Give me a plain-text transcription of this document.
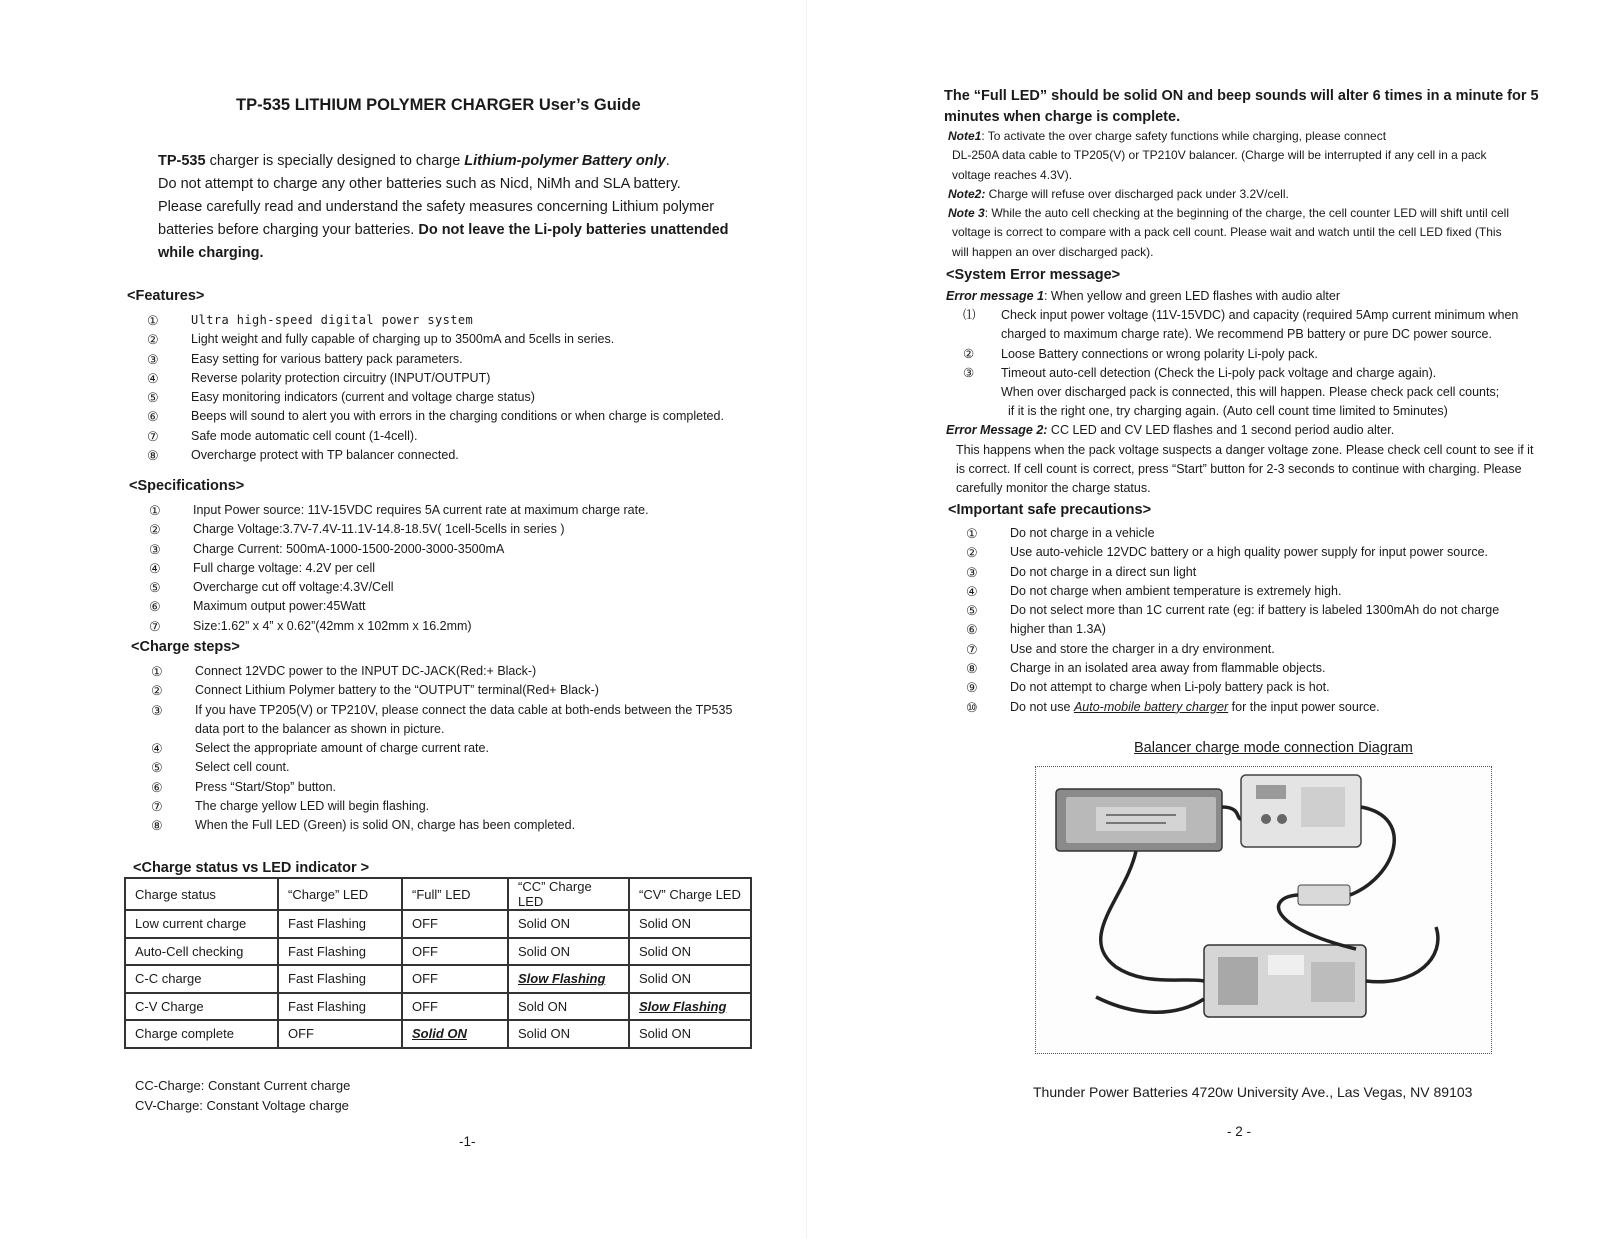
TP-535 LITHIUM POLYMER CHARGER User’s Guide
TP-535 charger is specially designed to charge Lithium-polymer Battery only.
Do not attempt to charge any other batteries such as Nicd, NiMh and SLA battery.
Please carefully read and understand the safety measures concerning Lithium polymer
batteries before charging your batteries. Do not leave the Li-poly batteries unattended
while charging.
<Features>
①	Ultra high-speed digital power system
②	Light weight and fully capable of charging up to 3500mA and 5cells in series.
③	Easy setting for various battery pack parameters.
④	Reverse polarity protection circuitry (INPUT/OUTPUT)
⑤	Easy monitoring indicators (current and voltage charge status)
⑥	Beeps will sound to alert you with errors in the charging conditions or when charge is completed.
⑦	Safe mode automatic cell count (1-4cell).
⑧	Overcharge protect with TP balancer connected.
<Specifications>
①	Input Power source: 11V-15VDC requires 5A current rate at maximum charge rate.
②	Charge Voltage:3.7V-7.4V-11.1V-14.8-18.5V( 1cell-5cells in series )
③	Charge Current: 500mA-1000-1500-2000-3000-3500mA
④	Full charge voltage: 4.2V per cell
⑤	Overcharge cut off voltage:4.3V/Cell
⑥	Maximum output power:45Watt
⑦	Size:1.62” x 4” x 0.62”(42mm x 102mm x 16.2mm)
<Charge steps>
①	Connect 12VDC power to the INPUT DC-JACK(Red:+ Black-)
②	Connect Lithium Polymer battery to the “OUTPUT” terminal(Red+ Black-)
③	If you have TP205(V) or TP210V, please connect the data cable at both-ends between the TP535
data port to the balancer as shown in picture.
④	Select the appropriate amount of charge current rate.
⑤	Select cell count.
⑥	Press “Start/Stop” button.
⑦	The charge yellow LED will begin flashing.
⑧	When the Full LED (Green) is solid ON, charge has been completed.
<Charge status vs LED indicator >
Charge status	“Charge” LED	“Full” LED	“CC” Charge LED	“CV” Charge LED
Low current charge	Fast Flashing	OFF	Solid ON	Solid ON
Auto-Cell checking	Fast Flashing	OFF	Solid ON	Solid ON
C-C charge	Fast Flashing	OFF	Slow Flashing	Solid ON
C-V Charge	Fast Flashing	OFF	Sold ON	Slow Flashing
Charge complete	OFF	Solid ON	Solid ON	Solid ON
CC-Charge: Constant Current charge
CV-Charge: Constant Voltage charge
-1-
The “Full LED” should be solid ON and beep sounds will alter 6 times in a minute for 5
minutes when charge is complete.
Note1: To activate the over charge safety functions while charging, please connect
DL-250A data cable to TP205(V) or TP210V balancer. (Charge will be interrupted if any cell in a pack
voltage reaches 4.3V).
Note2: Charge will refuse over discharged pack under 3.2V/cell.
Note 3: While the auto cell checking at the beginning of the charge, the cell counter LED will shift until cell
voltage is correct to compare with a pack cell count. Please wait and watch until the cell LED fixed (This
will happen an over discharged pack).
<System Error message>
Error message 1: When yellow and green LED flashes with audio alter
⑴	Check input power voltage (11V-15VDC) and capacity (required 5Amp current minimum when
charged to maximum charge rate). We recommend PB battery or pure DC power source.
②	Loose Battery connections or wrong polarity Li-poly pack.
③	Timeout auto-cell detection (Check the Li-poly pack voltage and charge again).
When over discharged pack is connected, this will happen. Please check pack cell counts;
if it is the right one, try charging again. (Auto cell count time limited to 5minutes)
Error Message 2: CC LED and CV LED flashes and 1 second period audio alter.
This happens when the pack voltage suspects a danger voltage zone. Please check cell count to see if it
is correct. If cell count is correct, press “Start” button for 2-3 seconds to continue with charging. Please
carefully monitor the charge status.
<Important safe precautions>
①	Do not charge in a vehicle
②	Use auto-vehicle 12VDC battery or a high quality power supply for input power source.
③	Do not charge in a direct sun light
④	Do not charge when ambient temperature is extremely high.
⑤	Do not select more than 1C current rate (eg: if battery is labeled 1300mAh do not charge
⑥	higher than 1.3A)
⑦	Use and store the charger in a dry environment.
⑧	Charge in an isolated area away from flammable objects.
⑨	Do not attempt to charge when Li-poly battery pack is hot.
⑩	Do not use Auto-mobile battery charger for the input power source.
Balancer charge mode connection Diagram
Thunder Power Batteries 4720w University Ave., Las Vegas, NV 89103
- 2 -
